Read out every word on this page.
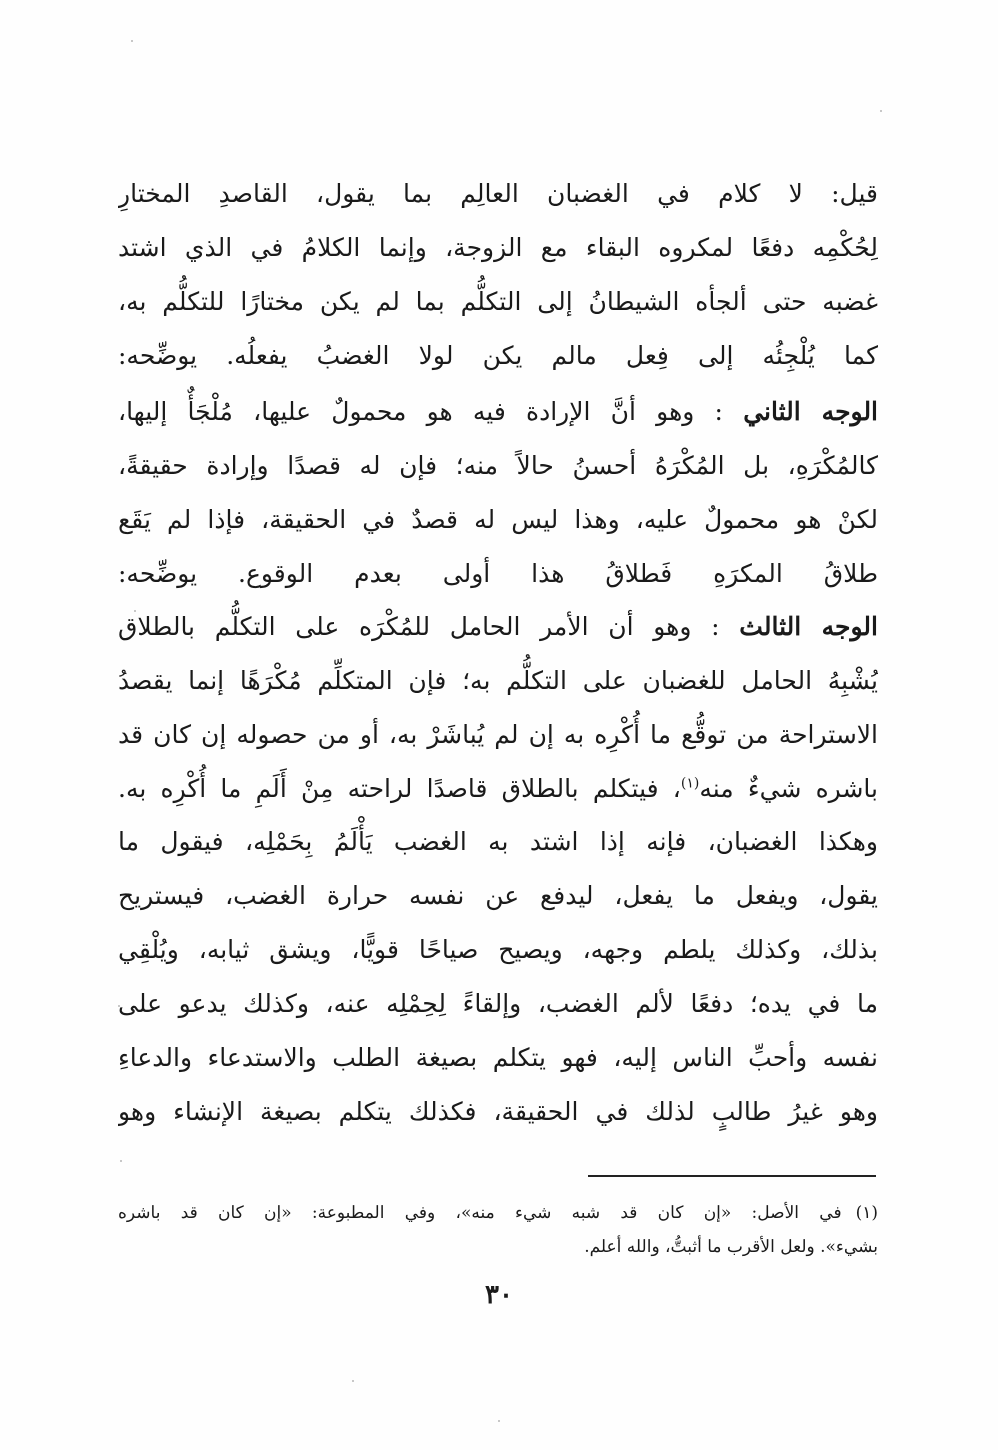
قيل: لا كلام في الغضبان العالِم بما يقول، القاصدِ المختارِ
لِحُكْمِه دفعًا لمكروه البقاء مع الزوجة، وإنما الكلامُ في الذي اشتد
غضبه حتى ألجأه الشيطانُ إلى التكلُّم بما لم يكن مختارًا للتكلُّم به،
كما يُلْجِئُه إلى فِعل مالم يكن لولا الغضبُ يفعلُه. يوضِّحه:
الوجه الثاني : وهو أنَّ الإرادة فيه هو محمولٌ عليها، مُلْجَأٌ إليها،
كالمُكْرَهِ، بل المُكْرَهُ أحسنُ حالاً منه؛ فإن له قصدًا وإرادة حقيقةً،
لكنْ هو محمولٌ عليه، وهذا ليس له قصدٌ في الحقيقة، فإذا لم يَقَع
طلاقُ المكرَهِ فَطلاقُ هذا أولى بعدم الوقوع. يوضِّحه:
الوجه الثالث : وهو أن الأمر الحامل للمُكْرَه على التكلُّم بالطلاق
يُشْبِهُ الحامل للغضبان على التكلُّم به؛ فإن المتكلِّم مُكْرَهًا إنما يقصدُ
الاستراحة من توقُّع ما أُكْرِه به إن لم يُباشَرْ به، أو من حصوله إن كان قد
باشره شيءٌ منه$^{(١)}$، فيتكلم بالطلاق قاصدًا لراحته مِنْ أَلَمِ ما أُكْرِه به.
وهكذا الغضبان، فإنه إذا اشتد به الغضب يَأْلَمُ بِحَمْلِه، فيقول ما
يقول، ويفعل ما يفعل، ليدفع عن نفسه حرارة الغضب، فيستريح
بذلك، وكذلك يلطم وجهه، ويصيح صياحًا قويًّا، ويشق ثيابه، ويُلْقِي
ما في يده؛ دفعًا لألم الغضب، وإلقاءً لِحِمْلِه عنه، وكذلك يدعو على
نفسه وأحبِّ الناس إليه، فهو يتكلم بصيغة الطلب والاستدعاء والدعاءِ
وهو غيرُ طالبٍ لذلك في الحقيقة، فكذلك يتكلم بصيغة الإنشاء وهو
(١)في الأصل: «إن كان قد شبه شيء منه»، وفي المطبوعة: «إن كان قد باشره
بشيء». ولعل الأقرب ما أثبتُّ، والله أعلم.
٣٠
